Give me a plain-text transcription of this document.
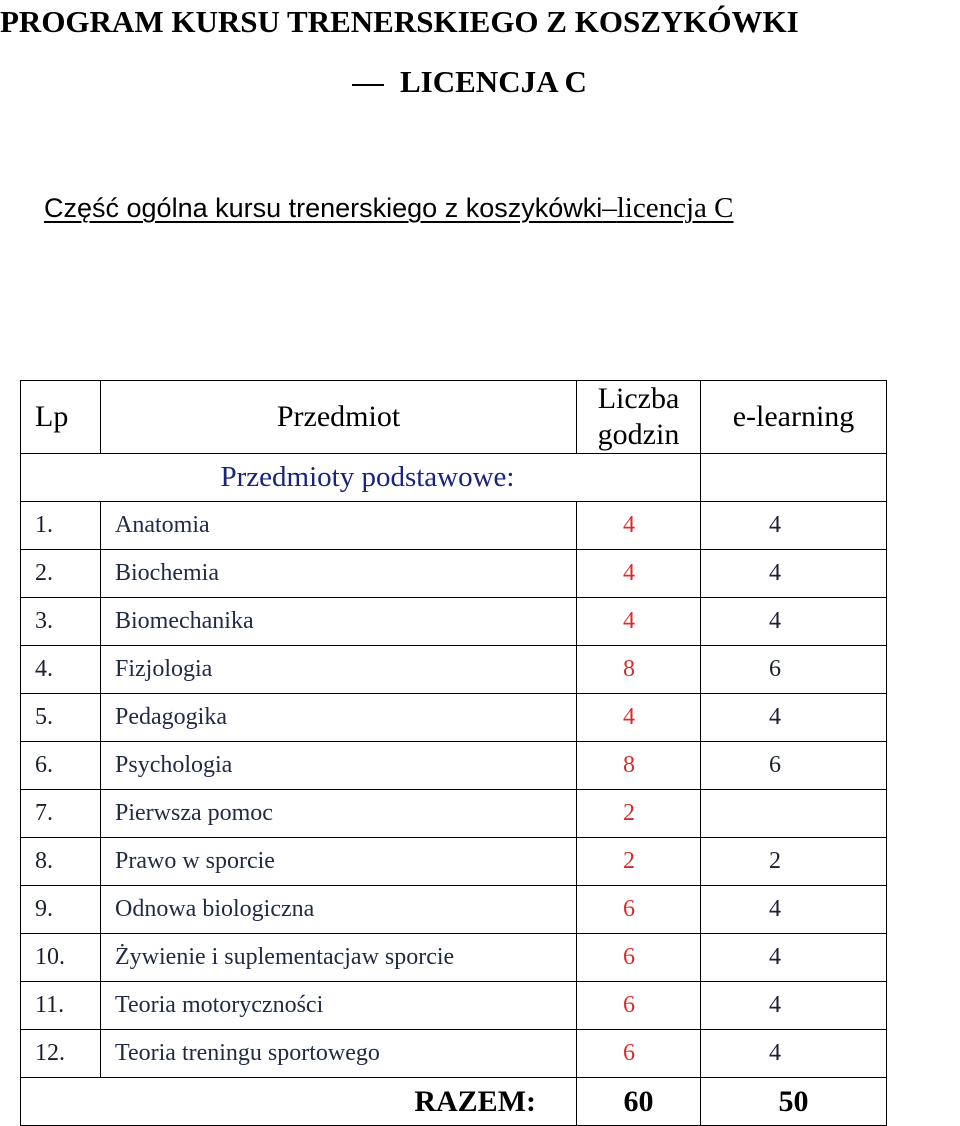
PROGRAM KURSU TRENERSKIEGO Z KOSZYKÓWKI
LICENCJA C
Część ogólna kursu trenerskiego z koszykówki–licencja C
Lp	Przedmiot	Liczba godzin	e-learning
Przedmioty podstawowe:			
1.	Anatomia	4	4
2.	Biochemia	4	4
3.	Biomechanika	4	4
4.	Fizjologia	8	6
5.	Pedagogika	4	4
6.	Psychologia	8	6
7.	Pierwsza pomoc	2	
8.	Prawo w sporcie	2	2
9.	Odnowa biologiczna	6	4
10.	Żywienie i suplementacjaw sporcie	6	4
11.	Teoria motoryczności	6	4
12.	Teoria treningu sportowego	6	4
RAZEM:		60	50
